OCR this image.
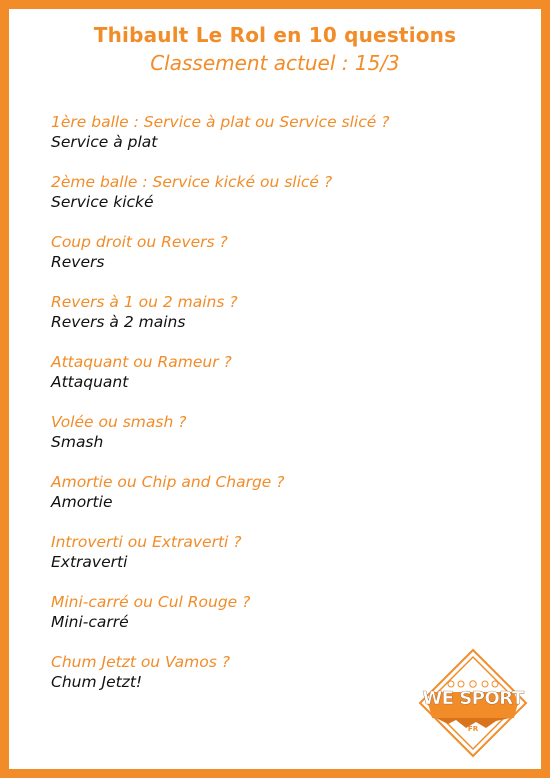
Thibault Le Rol en 10 questions
Classement actuel : 15/3
1ère balle : Service à plat ou Service slicé ?
Service à plat
2ème balle : Service kické ou slicé ?
Service kické
Coup droit ou Revers ?
Revers
Revers à 1 ou 2 mains ?
Revers à 2 mains
Attaquant ou Rameur ?
Attaquant
Volée ou smash ?
Smash
Amortie ou Chip and Charge ?
Amortie
Introverti ou Extraverti ?
Extraverti
Mini-carré ou Cul Rouge ?
Mini-carré
Chum Jetzt ou Vamos ?
Chum Jetzt!
WE SPORT
FR
